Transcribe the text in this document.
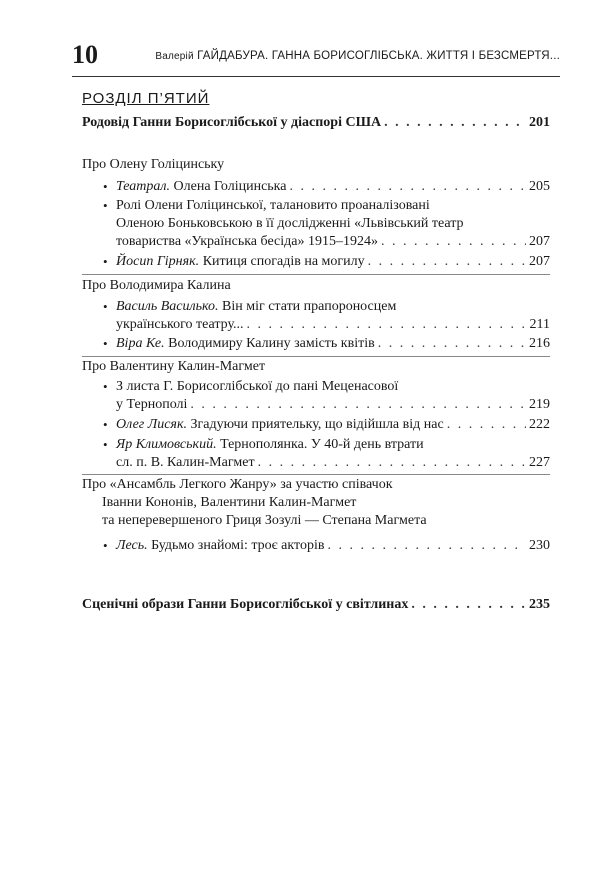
10	Валерій ГАЙДАБУРА. ГАННА БОРИСОГЛІБСЬКА. ЖИТТЯ І БЕЗСМЕРТЯ...
РОЗДІЛ П’ЯТИЙ
Родовід Ганни Борисоглібської у діаспорі США . . .	201
Про Олену Голіцинську
• Театрал. Олена Голіцинська . . .	205
• Ролі Олени Голіцинської, талановито проаналізовані
Оленою Боньковською в її дослідженні «Львівський театр
товариства «Українська бесіда» 1915–1924» . . .	207
• Йосип Гірняк. Китиця спогадів на могилу . . .	207
Про Володимира Калина
• Василь Василько. Він міг стати прапороносцем
українського театру... . . .	211
• Віра Ке. Володимиру Калину замість квітів . . .	216
Про Валентину Калин-Магмет
• З листа Г. Борисоглібської до пані Меценасової
у Тернополі . . .	219
• Олег Лисяк. Згадуючи приятельку, що відійшла від нас . . .	222
• Яр Климовський. Тернополянка. У 40-й день втрати
сл. п. В. Калин-Магмет . . .	227
Про «Ансамбль Легкого Жанру» за участю співачок
Іванни Кононів, Валентини Калин-Магмет
та неперевершеного Гриця Зозулі — Степана Магмета
• Лесь. Будьмо знайомі: троє акторів . . .	230
Сценічні образи Ганни Борисоглібської у світлинах . . .	235
